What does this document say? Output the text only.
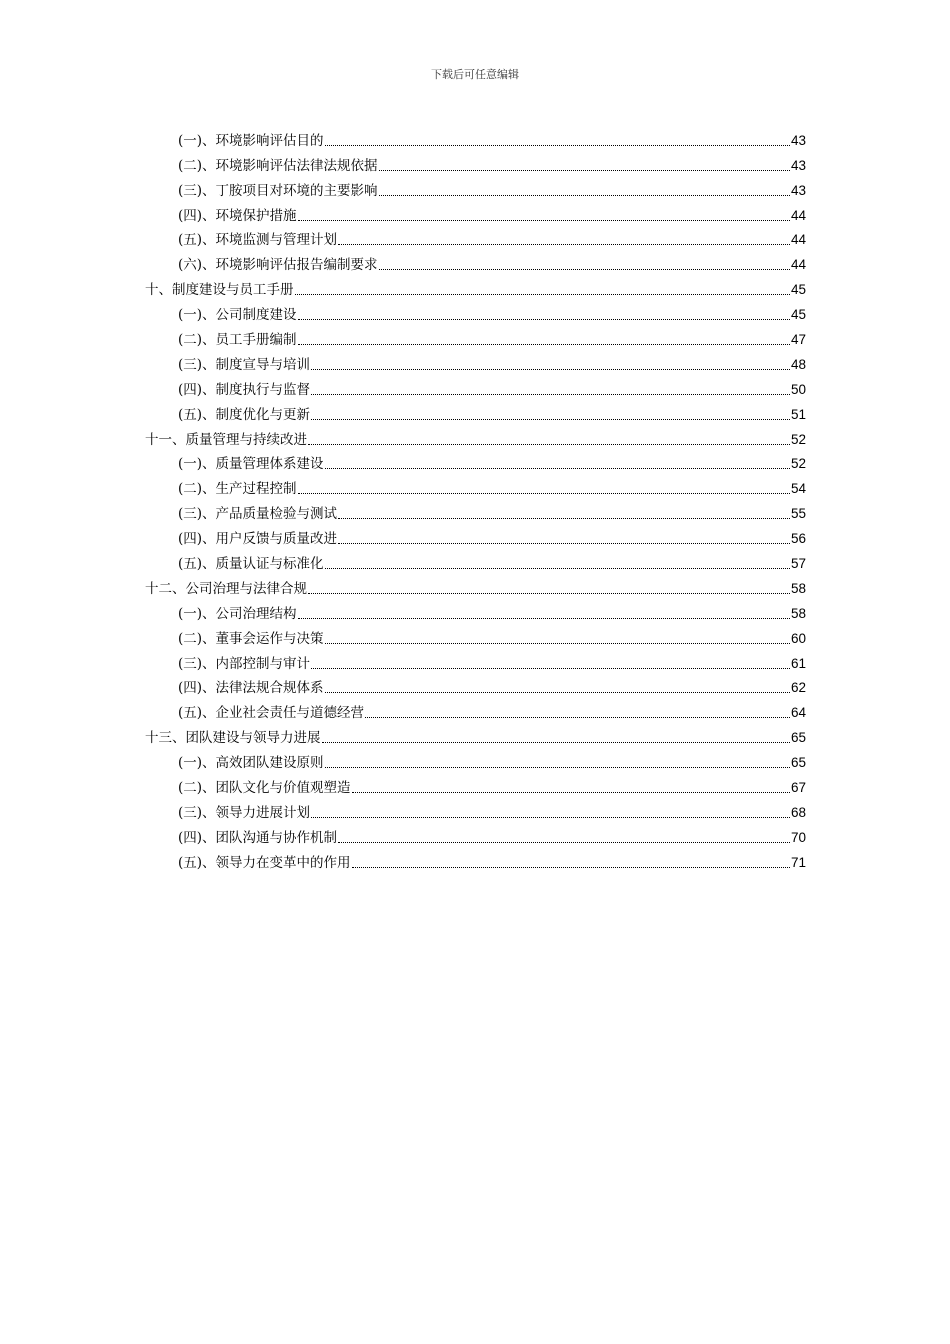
下载后可任意编辑
(一)、环境影响评估目的	43
(二)、环境影响评估法律法规依据	43
(三)、丁胺项目对环境的主要影响	43
(四)、环境保护措施	44
(五)、环境监测与管理计划	44
(六)、环境影响评估报告编制要求	44
十、制度建设与员工手册	45
(一)、公司制度建设	45
(二)、员工手册编制	47
(三)、制度宣导与培训	48
(四)、制度执行与监督	50
(五)、制度优化与更新	51
十一、质量管理与持续改进	52
(一)、质量管理体系建设	52
(二)、生产过程控制	54
(三)、产品质量检验与测试	55
(四)、用户反馈与质量改进	56
(五)、质量认证与标准化	57
十二、公司治理与法律合规	58
(一)、公司治理结构	58
(二)、董事会运作与决策	60
(三)、内部控制与审计	61
(四)、法律法规合规体系	62
(五)、企业社会责任与道德经营	64
十三、团队建设与领导力进展	65
(一)、高效团队建设原则	65
(二)、团队文化与价值观塑造	67
(三)、领导力进展计划	68
(四)、团队沟通与协作机制	70
(五)、领导力在变革中的作用	71
